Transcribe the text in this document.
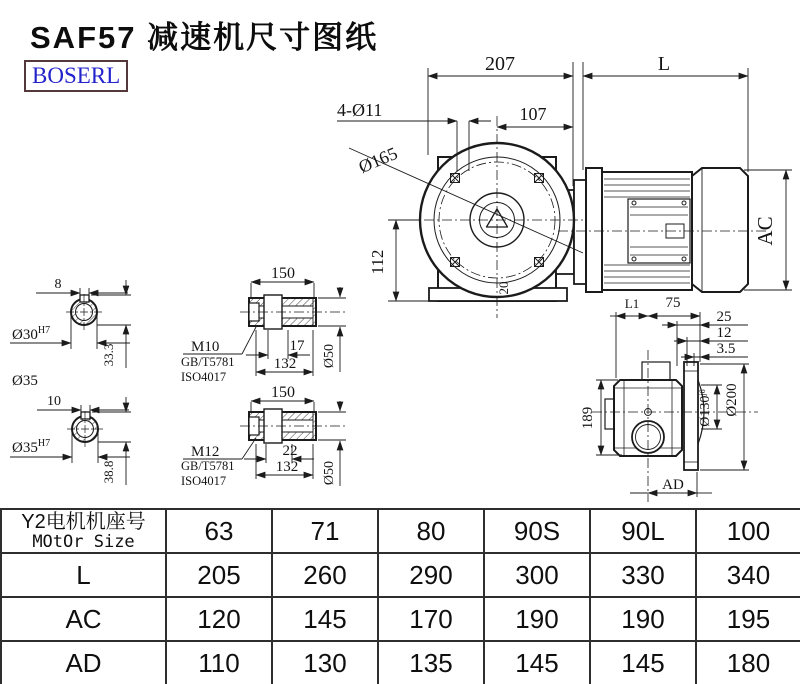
SAF57 减速机尺寸图纸
BOSERL	207	L
4-Ø11	107
Ø165
112
20
AC
8
$Ø30^{H7}$
33.3
Ø35
10
$Ø35^{H7}$
38.8
150
17
132 Ø50
M10
GB/T5781
ISO4017
150
22
132 Ø50
M12
GB/T5781
ISO4017
L1 75
25
12
3.5
189	$Ø130^{j6}$	Ø200
AD
Y2电机机座号
MOtOr Size	63	71	80	90S	90L	100
L	205	260	290	300	330	340
AC	120	145	170	190	190	195
AD	110	130	135	145	145	180
